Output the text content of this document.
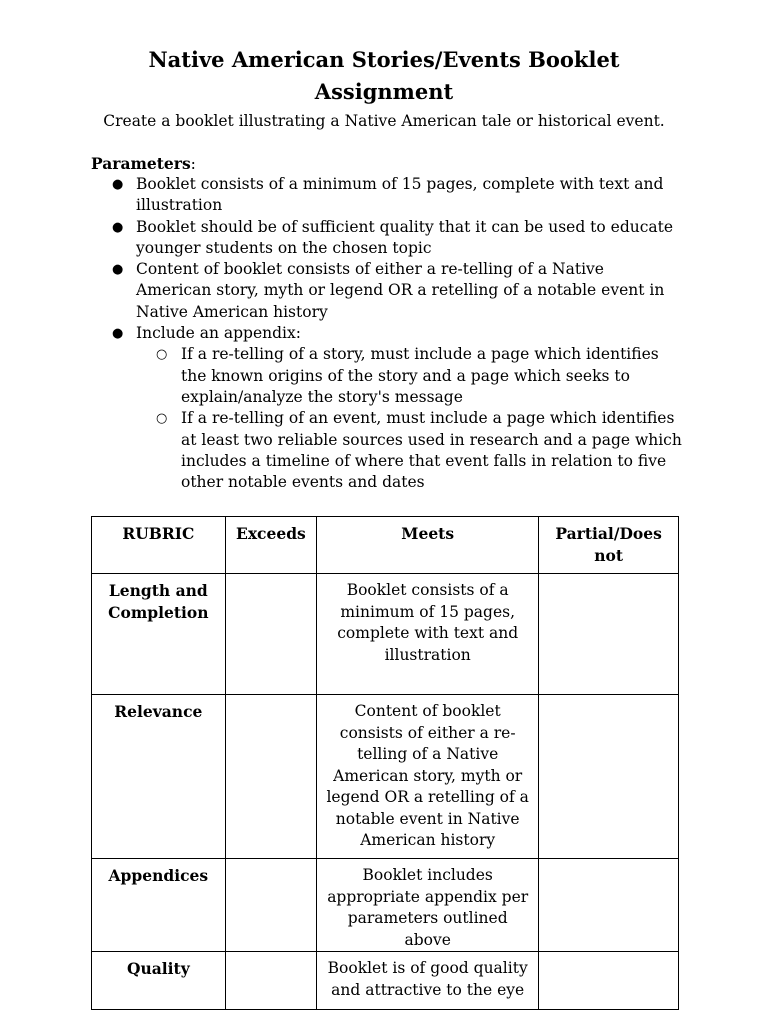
Native American Stories/Events Booklet
Assignment
Create a booklet illustrating a Native American tale or historical event.
Parameters:
● Booklet consists of a minimum of 15 pages, complete with text and illustration
● Booklet should be of sufficient quality that it can be used to educate younger students on the chosen topic
● Content of booklet consists of either a re-telling of a Native American story, myth or legend OR a retelling of a notable event in Native American history
● Include an appendix:
○ If a re-telling of a story, must include a page which identifies the known origins of the story and a page which seeks to explain/analyze the story's message
○ If a re-telling of an event, must include a page which identifies at least two reliable sources used in research and a page which includes a timeline of where that event falls in relation to five other notable events and dates
RUBRIC	Exceeds	Meets	Partial/Does not
Length and Completion		Booklet consists of a minimum of 15 pages, complete with text and illustration	
Relevance		Content of booklet consists of either a re-telling of a Native American story, myth or legend OR a retelling of a notable event in Native American history	
Appendices		Booklet includes appropriate appendix per parameters outlined above	
Quality		Booklet is of good quality and attractive to the eye	
